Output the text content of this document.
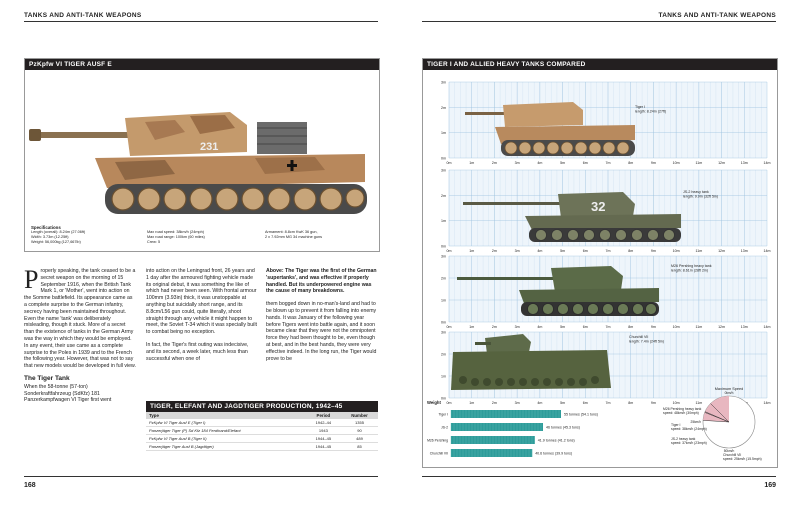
TANKS AND ANTI-TANK WEAPONS
PzKpfw VI TIGER AUSF E
231
Specifications
Length (overall): 8.24m (27.06ft)
Width: 3.73m (12.25ft)
Weight: 56,000kg (127,667lb)
Max road speed: 38km/h (24mph)
Max road range: 100km (60 miles)
Crew: 5
Armament: 8.8cm KwK 36 gun,
2 x 7.92mm MG 34 machine guns

Properly speaking, the tank ceased to be a secret weapon on the morning of 15 September 1916, when the British Tank Mark 1, or 'Mother', went into action on the Somme battlefield. Its appearance came as a complete surprise to the German infantry, secrecy having been maintained throughout. Even the name 'tank' was deliberately misleading, though it stuck. More of a secret than the existence of tanks in the German Army was the way in which they would be employed. In any event, their use came as a complete surprise to the Poles in 1939 and to the French the following year. However, that was not to say that new models would be developed in full view.

The Tiger Tank
When the 58-tonne (57-ton) Sonderkraftfahrzeug (SdKfz) 181 Panzerkampfwagen VI Tiger first went

into action on the Leningrad front, 26 years and 1 day after the armoured fighting vehicle made its original debut, it was something the like of which had never been seen. With frontal armour 100mm (3.93in) thick, it was unstoppable at anything but suicidally short range, and its 8.8cm/L56 gun could, quite literally, shoot straight through any vehicle it might happen to meet, the Soviet T-34 which it was specially built to combat being no exception.

In fact, the Tiger's first outing was indecisive, and its second, a week later, much less than successful when one of

Above: The Tiger was the first of the German 'supertanks', and was effective if properly handled. But its underpowered engine was the cause of many breakdowns.

them bogged down in no-man's-land and had to be blown up to prevent it from falling into enemy hands. It was January of the following year before Tigers went into battle again, and it soon became clear that they were not the omnipotent force they had been thought to be, even though at best, and in the best hands, they were very effective indeed. In the long run, the Tiger would prove to be

TIGER, ELEFANT AND JAGDTIGER PRODUCTION, 1942–45
Type	Period	Number
PzKpfw VI Tiger Ausf E (Tiger I)	1942–44	1355
Panzerjäger Tiger (P) Sd Kfz 184 Ferdinand/Elefant	1943	90
PzKpfw VI Tiger Ausf B (Tiger II)	1944–45	489
Panzerjäger Tiger Ausf B (Jagdtiger)	1944–45	85
168
TANKS AND ANTI-TANK WEAPONS
TIGER I AND ALLIED HEAVY TANKS COMPARED
0m	1m	2m	3m	4m	5m	6m	7m	8m	9m	10m	11m	12m	13m	14m
3m
2m
1m
0m
0m	1m	2m	3m	4m	5m	6m	7m	8m	9m	10m	11m	12m	13m	14m
3m
2m
1m
0m
0m	1m	2m	3m	4m	5m	6m	7m	8m	9m	10m	11m	12m	13m	14m
3m
2m
1m
0m
0m	1m	2m	3m	4m	5m	6m	7m	8m	9m	10m	11m	14m
3m
2m
1m
0m
32
Tiger I
length: 8.24m (27ft)
JS-2 heavy tank
length: 9.9m (32ft 5in)
M26 Pershing heavy tank
length: 8.61m (28ft 2in)
Churchill VII
length: 7.4m (24ft 5in)
Weight
55 tonnes (54.1 tons)
Tiger I
46 tonnes (45.3 tons)
JS-2
41.9 tonnes (41.2 tons)
M26 Pershing
40.6 tonnes (39.9 tons)
Churchill VII
Maximum Speed
0km/h
25km/h
50km/h
M26 Pershing heavy tank
speed: 48km/h (30mph)
Tiger I
speed: 38km/h (24mph)
JS-2 heavy tank
speed: 37km/h (23mph)
Churchill VII
speed: 25km/h (15.5mph)
169
